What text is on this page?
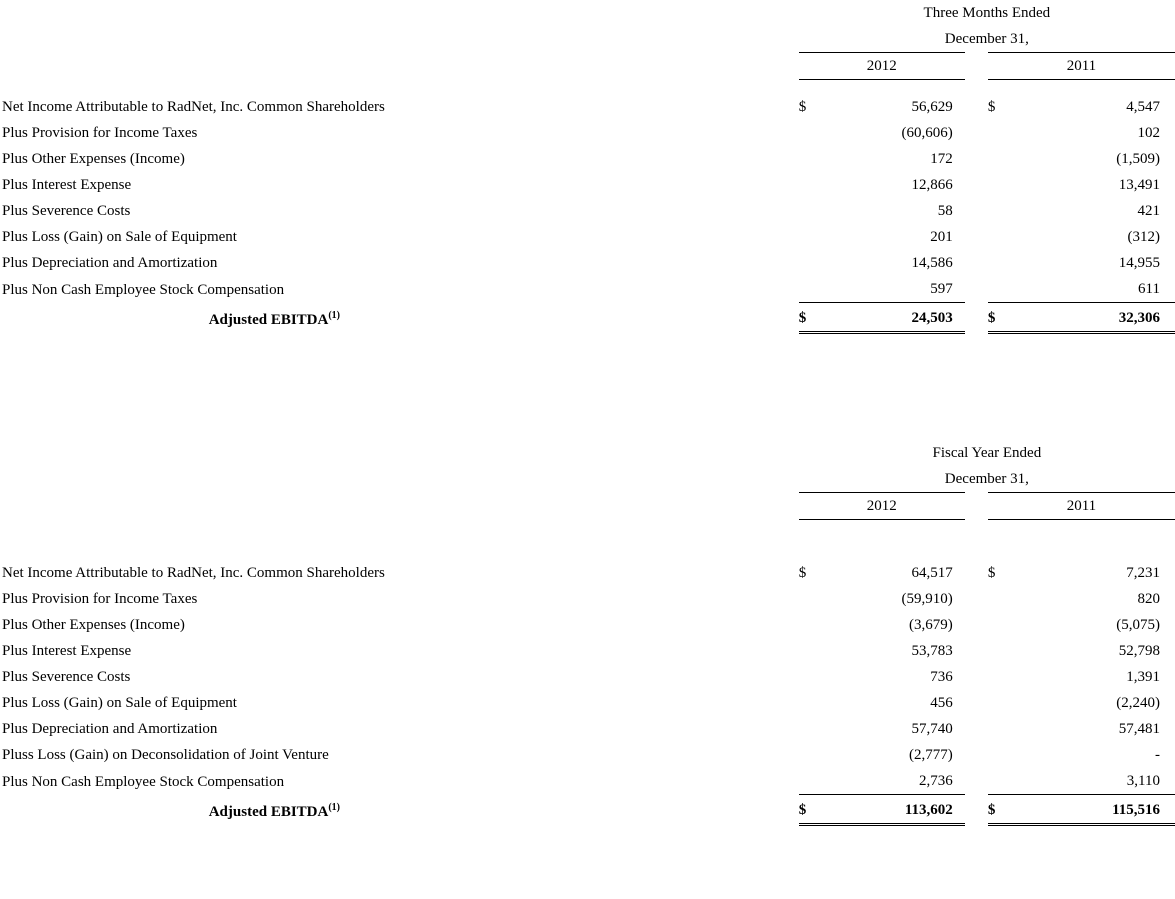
	Three Months Ended				
	December 31,				
	2012			2011	

Net Income Attributable to RadNet, Inc. Common Shareholders	$	56,629		$	4,547
Plus Provision for Income Taxes		(60,606)			102
Plus Other Expenses (Income)		172			(1,509)
Plus Interest Expense		12,866			13,491
Plus Severence Costs		58			421
Plus Loss (Gain) on Sale of Equipment		201			(312)
Plus Depreciation and Amortization		14,586			14,955
Plus Non Cash Employee Stock Compensation		597			611
Adjusted EBITDA$^{(1)}$	$	24,503		$	32,306
	Fiscal Year Ended				
	December 31,				
	2012			2011	

Net Income Attributable to RadNet, Inc. Common Shareholders	$	64,517		$	7,231
Plus Provision for Income Taxes		(59,910)			820
Plus Other Expenses (Income)		(3,679)			(5,075)
Plus Interest Expense		53,783			52,798
Plus Severence Costs		736			1,391
Plus Loss (Gain) on Sale of Equipment		456			(2,240)
Plus Depreciation and Amortization		57,740			57,481
Pluss Loss (Gain) on Deconsolidation of Joint Venture		(2,777)			-
Plus Non Cash Employee Stock Compensation		2,736			3,110
Adjusted EBITDA$^{(1)}$	$	113,602		$	115,516
